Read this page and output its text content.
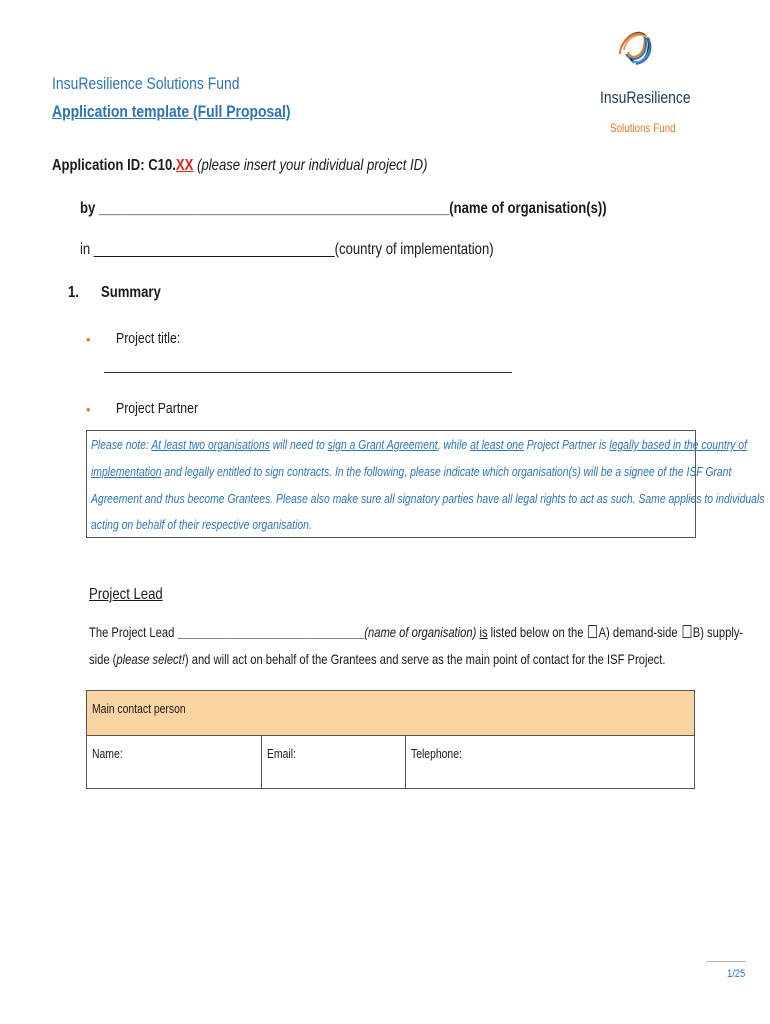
InsuResilience Solutions Fund
Application template (Full Proposal)
InsuResilience
Solutions Fund
Application ID: C10.XX (please insert your individual project ID)
by ________________________________________________(name of organisation(s))
in _________________________________(country of implementation)
1. Summary
• Project title:
• Project Partner
Please note: At least two organisations will need to sign a Grant Agreement, while at least one Project Partner is legally based in the country of
implementation and legally entitled to sign contracts. In the following, please indicate which organisation(s) will be a signee of the ISF Grant
Agreement and thus become Grantees. Please also make sure all signatory parties have all legal rights to act as such. Same applies to individuals
acting on behalf of their respective organisation.
Project Lead
The Project Lead ______________________________(name of organisation) is listed below on the A) demand-side B) supply-
side (please select!) and will act on behalf of the Grantees and serve as the main point of contact for the ISF Project.
Main contact person
Name:	Email:	Telephone:
1/25
